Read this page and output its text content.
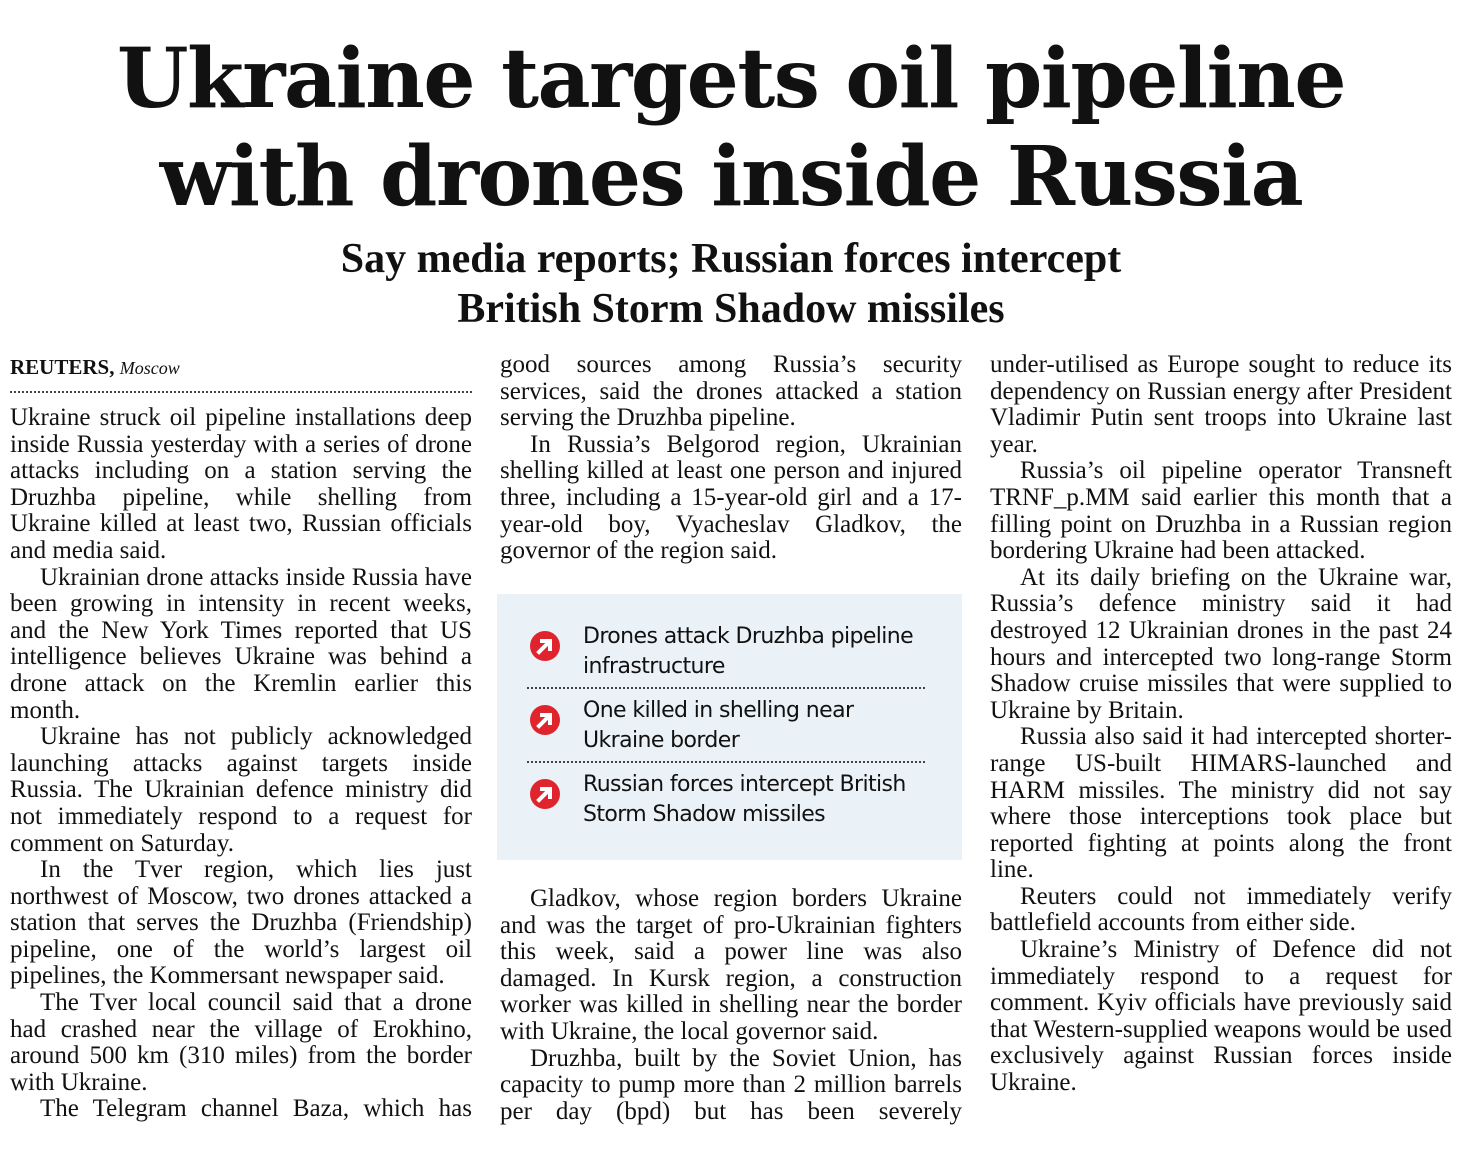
Ukraine targets oil pipeline
with drones inside Russia
Say media reports; Russian forces intercept
British Storm Shadow missiles
REUTERS, Moscow

Ukraine struck oil pipeline installations deep inside Russia yesterday with a series of drone attacks including on a station serving the Druzhba pipeline, while shelling from Ukraine killed at least two, Russian officials and media said.

Ukrainian drone attacks inside Russia have been growing in intensity in recent weeks, and the New York Times reported that US intelligence believes Ukraine was behind a drone attack on the Kremlin earlier this month.

Ukraine has not publicly acknowledged launching attacks against targets inside Russia. The Ukrainian defence ministry did not immediately respond to a request for comment on Saturday.

In the Tver region, which lies just northwest of Moscow, two drones attacked a station that serves the Druzhba (Friendship) pipeline, one of the world’s largest oil pipelines, the Kommersant newspaper said.

The Tver local council said that a drone had crashed near the village of Erokhino, around 500 km (310 miles) from the border with Ukraine.

The Telegram channel Baza, which has

good sources among Russia’s security services, said the drones attacked a station serving the Druzhba pipeline.

In Russia’s Belgorod region, Ukrainian shelling killed at least one person and injured three, including a 15-year-old girl and a 17-year-old boy, Vyacheslav Gladkov, the governor of the region said.

Drones attack Druzhba pipeline infrastructure
One killed in shelling near Ukraine border
Russian forces intercept British Storm Shadow missiles

Gladkov, whose region borders Ukraine and was the target of pro-Ukrainian fighters this week, said a power line was also damaged. In Kursk region, a construction worker was killed in shelling near the border with Ukraine, the local governor said.

Druzhba, built by the Soviet Union, has capacity to pump more than 2 million barrels per day (bpd) but has been severely

under-utilised as Europe sought to reduce its dependency on Russian energy after President Vladimir Putin sent troops into Ukraine last year.

Russia’s oil pipeline operator Transneft TRNF_p.MM said earlier this month that a filling point on Druzhba in a Russian region bordering Ukraine had been attacked.

At its daily briefing on the Ukraine war, Russia’s defence ministry said it had destroyed 12 Ukrainian drones in the past 24 hours and intercepted two long-range Storm Shadow cruise missiles that were supplied to Ukraine by Britain.

Russia also said it had intercepted shorter-range US-built HIMARS-launched and HARM missiles. The ministry did not say where those interceptions took place but reported fighting at points along the front line.

Reuters could not immediately verify battlefield accounts from either side.

Ukraine’s Ministry of Defence did not immediately respond to a request for comment. Kyiv officials have previously said that Western-supplied weapons would be used exclusively against Russian forces inside Ukraine.
